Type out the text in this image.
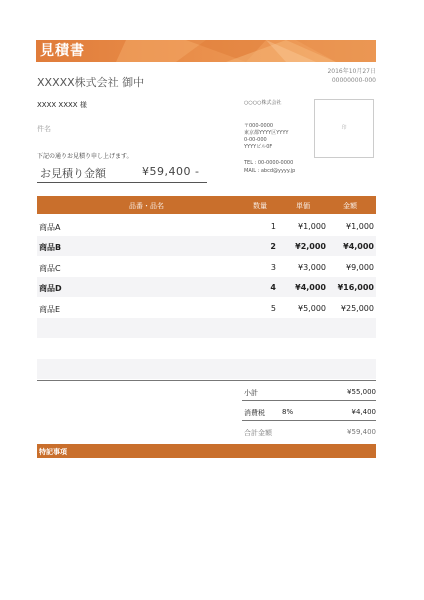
見積書
2016年10月27日
00000000-000
XXXXX株式会社 御中
XXXX XXXX 様
件名
下記の通りお見積り申し上げます。
お見積り金額	¥59,400 -
○○○○株式会社
〒000-0000
東京都YYYY区YYYY
0-00-000
YYYYビル0F
TEL : 00-0000-0000
MAIL : abcd@yyyy.jp
印
品番・品名	数量	単価	金額
商品A	1	¥1,000	¥1,000
商品B	2 ¥2,000 ¥4,000
商品C	3	¥3,000	¥9,000
商品D	4 ¥4,000 ¥16,000
商品E	5	¥5,000 ¥25,000
小計	¥55,000
消費税 8%	¥4,400
合計金額	¥59,400
特記事項
